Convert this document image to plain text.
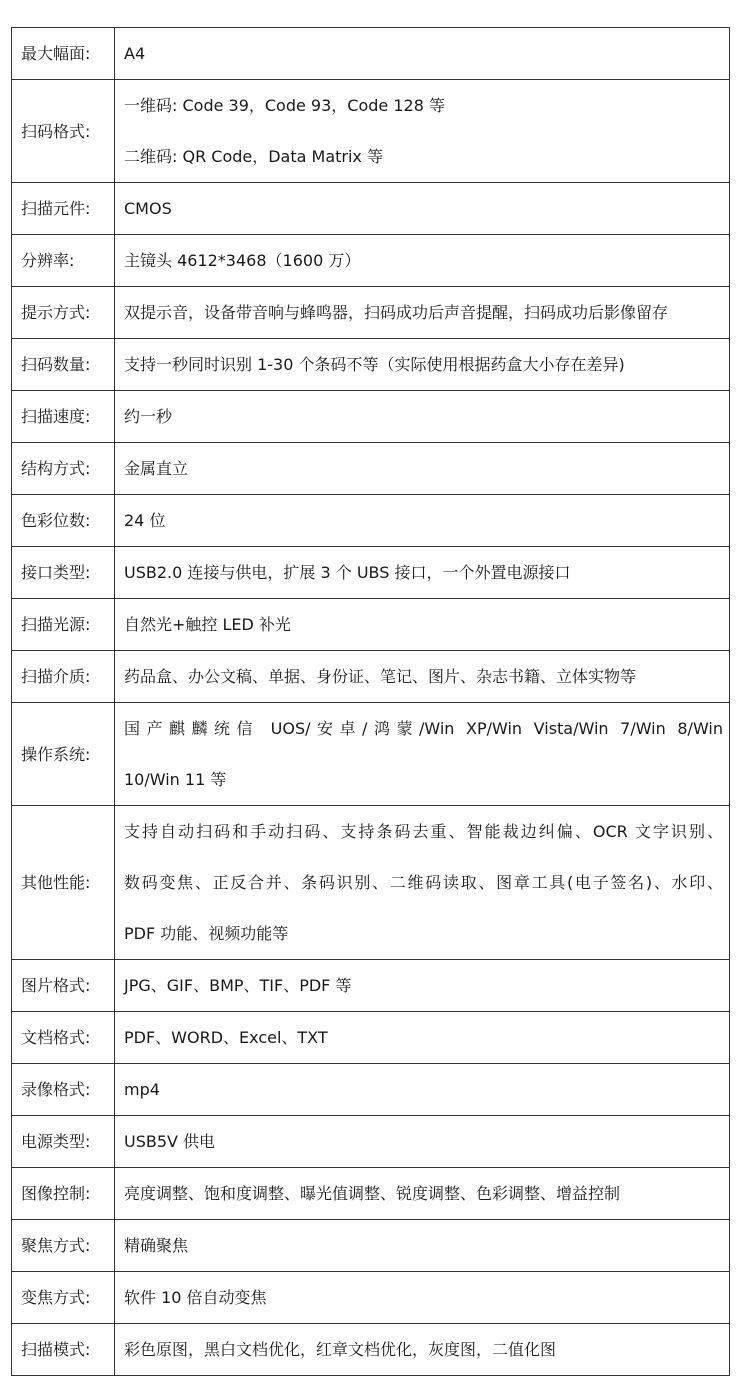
最大幅面:	A4

扫码格式:	一维码: Code 39，Code 93，Code 128 等
二维码: QR Code，Data Matrix 等

扫描元件:	CMOS

分辨率:	主镜头 4612*3468（1600 万）

提示方式:	双提示音，设备带音响与蜂鸣器，扫码成功后声音提醒，扫码成功后影像留存

扫码数量:	支持一秒同时识别 1-30 个条码不等（实际使用根据药盒大小存在差异)

扫描速度:	约一秒

结构方式:	金属直立

色彩位数:	24 位

接口类型:	USB2.0 连接与供电，扩展 3 个 UBS 接口，一个外置电源接口

扫描光源:	自然光+触控 LED 补光

扫描介质:	药品盒、办公文稿、单据、身份证、笔记、图片、杂志书籍、立体实物等

操作系统:	国产麒麟统信 UOS/安卓/鸿蒙/Win XP/Win Vista/Win 7/Win 8/Win
10/Win 11 等

其他性能:	支持自动扫码和手动扫码、支持条码去重、智能裁边纠偏、OCR 文字识别、
数码变焦、正反合并、条码识别、二维码读取、图章工具(电子签名)、水印、
PDF 功能、视频功能等

图片格式:	JPG、GIF、BMP、TIF、PDF 等

文档格式:	PDF、WORD、Excel、TXT

录像格式:	mp4

电源类型:	USB5V 供电

图像控制:	亮度调整、饱和度调整、曝光值调整、锐度调整、色彩调整、增益控制

聚焦方式:	精确聚焦

变焦方式:	软件 10 倍自动变焦

扫描模式:	彩色原图，黑白文档优化，红章文档优化，灰度图，二值化图
